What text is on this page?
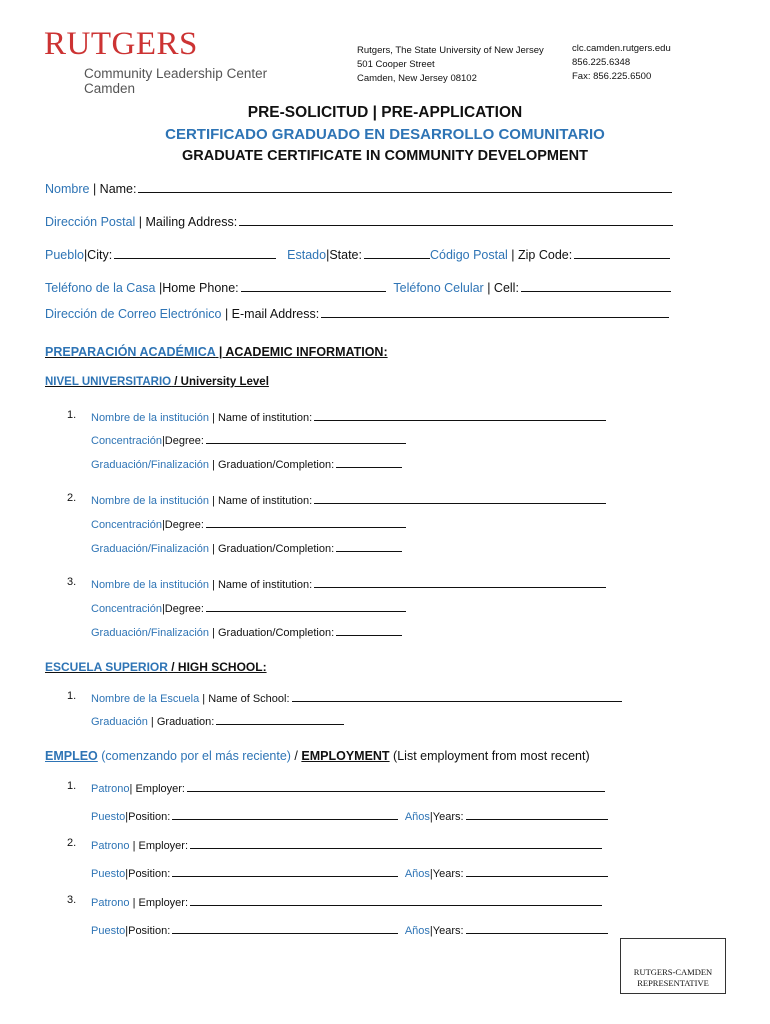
RUTGERS
Community Leadership Center
Camden
Rutgers, The State University of New Jersey
501 Cooper Street
Camden, New Jersey 08102
clc.camden.rutgers.edu
856.225.6348
Fax: 856.225.6500
PRE-SOLICITUD | PRE-APPLICATION
CERTIFICADO GRADUADO EN DESARROLLO COMUNITARIO
GRADUATE CERTIFICATE IN COMMUNITY DEVELOPMENT
Nombre | Name:
Dirección Postal | Mailing Address:
Pueblo|City:	Estado|State:	Código Postal | Zip Code:
Teléfono de la Casa |Home Phone:	Teléfono Celular | Cell:
Dirección de Correo Electrónico | E-mail Address:
PREPARACIÓN ACADÉMICA | ACADEMIC INFORMATION:
NIVEL UNIVERSITARIO / University Level
1. Nombre de la institución | Name of institution:
Concentración|Degree:
Graduación/Finalización | Graduation/Completion:
2. Nombre de la institución | Name of institution:
Concentración|Degree:
Graduación/Finalización | Graduation/Completion:
3. Nombre de la institución | Name of institution:
Concentración|Degree:
Graduación/Finalización | Graduation/Completion:
ESCUELA SUPERIOR / HIGH SCHOOL:
1. Nombre de la Escuela | Name of School:
Graduación | Graduation:
EMPLEO (comenzando por el más reciente) / EMPLOYMENT (List employment from most recent)
1. Patrono| Employer:
Puesto|Position:	Años|Years:
2. Patrono | Employer:
Puesto|Position:	Años|Years:
3. Patrono | Employer:
Puesto|Position:	Años|Years:
RUTGERS-CAMDEN
REPRESENTATIVE
